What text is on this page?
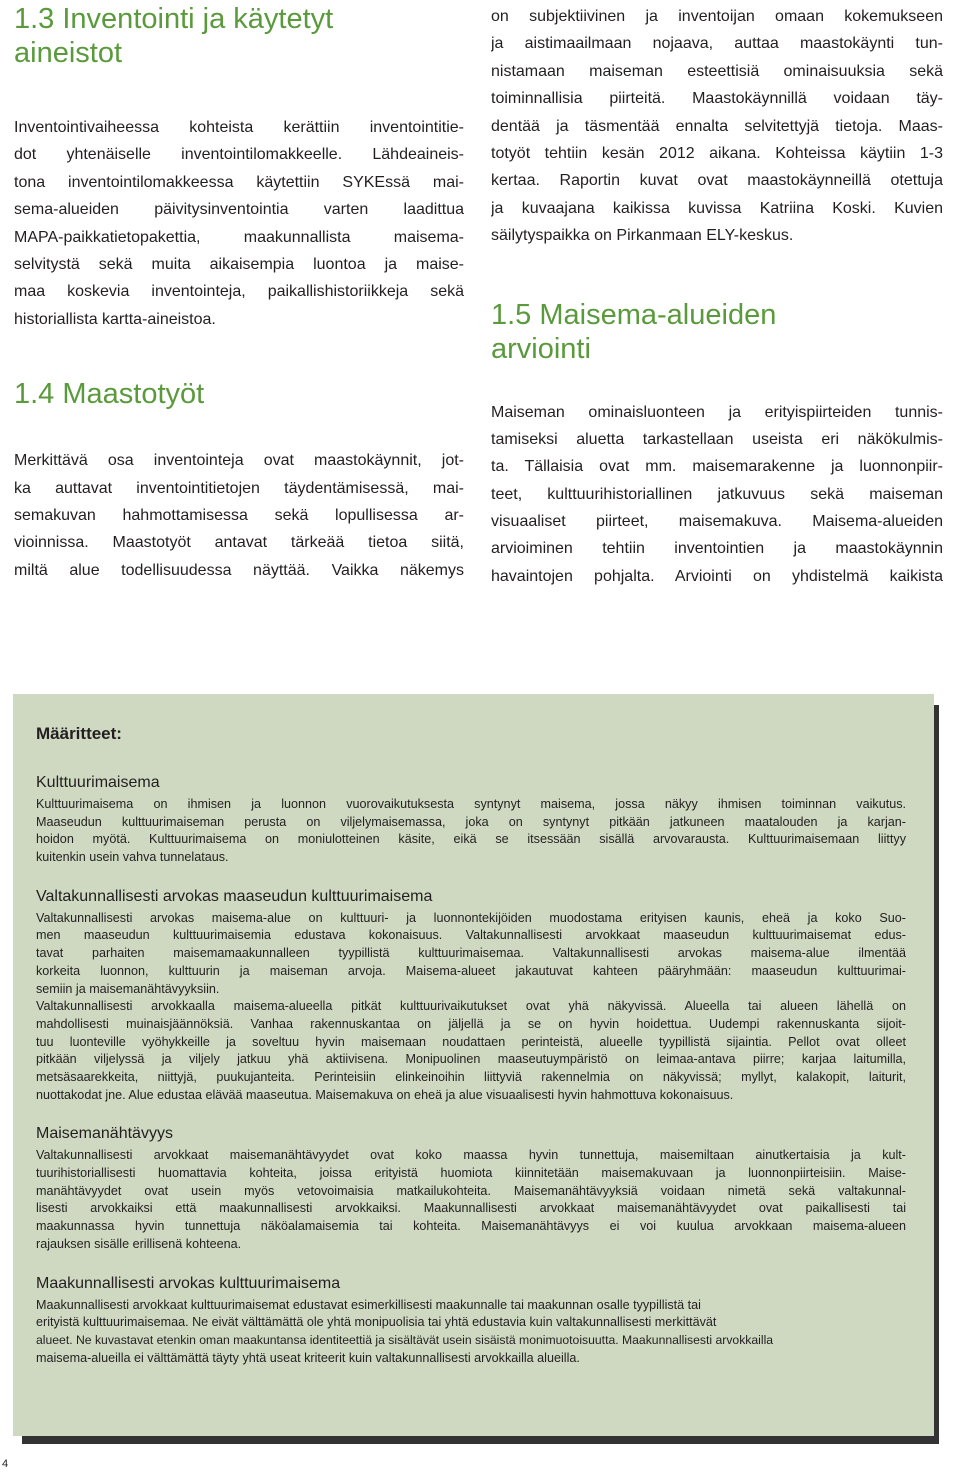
1.3 Inventointi ja käytetyt
aineistot
Inventointivaiheessa kohteista kerättiin inventointitie-
dot yhtenäiselle inventointilomakkeelle. Lähdeaineis-
tona inventointilomakkeessa käytettiin SYKEssä mai-
sema-alueiden päivitysinventointia varten laadittua
MAPA-paikkatietopakettia, maakunnallista maisema-
selvitystä sekä muita aikaisempia luontoa ja maise-
maa koskevia inventointeja, paikallishistoriikkeja sekä
historiallista kartta-aineistoa.
1.4 Maastotyöt
Merkittävä osa inventointeja ovat maastokäynnit, jot-
ka auttavat inventointitietojen täydentämisessä, mai-
semakuvan hahmottamisessa sekä lopullisessa ar-
vioinnissa. Maastotyöt antavat tärkeää tietoa siitä,
miltä alue todellisuudessa näyttää. Vaikka näkemys
on subjektiivinen ja inventoijan omaan kokemukseen
ja aistimaailmaan nojaava, auttaa maastokäynti tun-
nistamaan maiseman esteettisiä ominaisuuksia sekä
toiminnallisia piirteitä. Maastokäynnillä voidaan täy-
dentää ja täsmentää ennalta selvitettyjä tietoja. Maas-
totyöt tehtiin kesän 2012 aikana. Kohteissa käytiin 1-3
kertaa. Raportin kuvat ovat maastokäynneillä otettuja
ja kuvaajana kaikissa kuvissa Katriina Koski. Kuvien
säilytyspaikka on Pirkanmaan ELY-keskus.
1.5 Maisema-alueiden
arviointi
Maiseman ominaisluonteen ja erityispiirteiden tunnis-
tamiseksi aluetta tarkastellaan useista eri näkökulmis-
ta. Tällaisia ovat mm. maisemarakenne ja luonnonpiir-
teet, kulttuurihistoriallinen jatkuvuus sekä maiseman
visuaaliset piirteet, maisemakuva. Maisema-alueiden
arvioiminen tehtiin inventointien ja maastokäynnin
havaintojen pohjalta. Arviointi on yhdistelmä kaikista
Määritteet:
Kulttuurimaisema
Kulttuurimaisema on ihmisen ja luonnon vuorovaikutuksesta syntynyt maisema, jossa näkyy ihmisen toiminnan vaikutus.
Maaseudun kulttuurimaiseman perusta on viljelymaisemassa, joka on syntynyt pitkään jatkuneen maatalouden ja karjan-
hoidon myötä. Kulttuurimaisema on moniulotteinen käsite, eikä se itsessään sisällä arvovarausta. Kulttuurimaisemaan liittyy
kuitenkin usein vahva tunnelataus.
Valtakunnallisesti arvokas maaseudun kulttuurimaisema
Valtakunnallisesti arvokas maisema-alue on kulttuuri- ja luonnontekijöiden muodostama erityisen kaunis, eheä ja koko Suo-
men maaseudun kulttuurimaisemia edustava kokonaisuus. Valtakunnallisesti arvokkaat maaseudun kulttuurimaisemat edus-
tavat parhaiten maisemamaakunnalleen tyypillistä kulttuurimaisemaa. Valtakunnallisesti arvokas maisema-alue ilmentää
korkeita luonnon, kulttuurin ja maiseman arvoja. Maisema-alueet jakautuvat kahteen pääryhmään: maaseudun kulttuurimai-
semiin ja maisemanähtävyyksiin.
Valtakunnallisesti arvokkaalla maisema-alueella pitkät kulttuurivaikutukset ovat yhä näkyvissä. Alueella tai alueen lähellä on
mahdollisesti muinaisjäännöksiä. Vanhaa rakennuskantaa on jäljellä ja se on hyvin hoidettua. Uudempi rakennuskanta sijoit-
tuu luonteville vyöhykkeille ja soveltuu hyvin maisemaan noudattaen perinteistä, alueelle tyypillistä sijaintia. Pellot ovat olleet
pitkään viljelyssä ja viljely jatkuu yhä aktiivisena. Monipuolinen maaseutuympäristö on leimaa-antava piirre; karjaa laitumilla,
metsäsaarekkeita, niittyjä, puukujanteita. Perinteisiin elinkeinoihin liittyviä rakennelmia on näkyvissä; myllyt, kalakopit, laiturit,
nuottakodat jne. Alue edustaa elävää maaseutua. Maisemakuva on eheä ja alue visuaalisesti hyvin hahmottuva kokonaisuus.
Maisemanähtävyys
Valtakunnallisesti arvokkaat maisemanähtävyydet ovat koko maassa hyvin tunnettuja, maisemiltaan ainutkertaisia ja kult-
tuurihistoriallisesti huomattavia kohteita, joissa erityistä huomiota kiinnitetään maisemakuvaan ja luonnonpiirteisiin. Maise-
manähtävyydet ovat usein myös vetovoimaisia matkailukohteita. Maisemanähtävyyksiä voidaan nimetä sekä valtakunnal-
lisesti arvokkaiksi että maakunnallisesti arvokkaiksi. Maakunnallisesti arvokkaat maisemanähtävyydet ovat paikallisesti tai
maakunnassa hyvin tunnettuja näköalamaisemia tai kohteita. Maisemanähtävyys ei voi kuulua arvokkaan maisema-alueen
rajauksen sisälle erillisenä kohteena.
Maakunnallisesti arvokas kulttuurimaisema
Maakunnallisesti arvokkaat kulttuurimaisemat edustavat esimerkillisesti maakunnalle tai maakunnan osalle tyypillistä tai
erityistä kulttuurimaisemaa. Ne eivät välttämättä ole yhtä monipuolisia tai yhtä edustavia kuin valtakunnallisesti merkittävät
alueet. Ne kuvastavat etenkin oman maakuntansa identiteettiä ja sisältävät usein sisäistä monimuotoisuutta. Maakunnallisesti arvokkailla
maisema-alueilla ei välttämättä täyty yhtä useat kriteerit kuin valtakunnallisesti arvokkailla alueilla.
4
